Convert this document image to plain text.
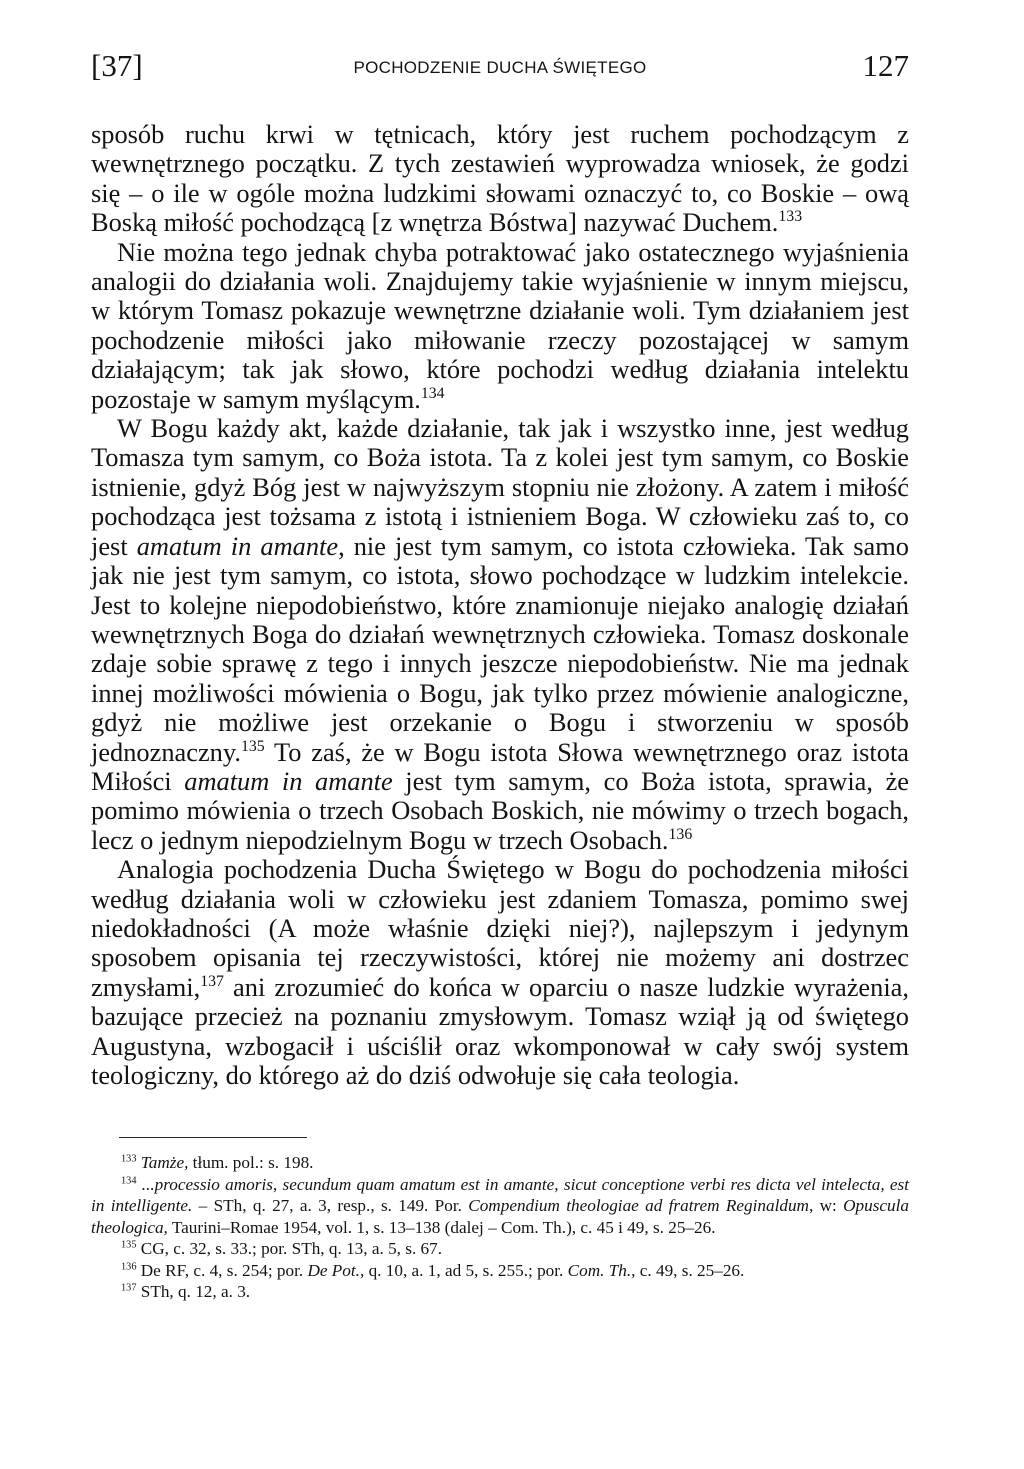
[37]	POCHODZENIE DUCHA ŚWIĘTEGO	127

sposób ruchu krwi w tętnicach, który jest ruchem pochodzącym z wewnętrznego początku. Z tych zestawień wyprowadza wniosek, że godzi się – o ile w ogóle można ludzkimi słowami oznaczyć to, co Boskie – ową Boską miłość pochodzącą [z wnętrza Bóstwa] nazywać Duchem.$^{133}$

Nie można tego jednak chyba potraktować jako ostatecznego wyjaśnienia analogii do działania woli. Znajdujemy takie wyjaśnienie w innym miejscu, w którym Tomasz pokazuje wewnętrzne działanie woli. Tym działaniem jest pochodzenie miłości jako miłowanie rzeczy pozostającej w samym działającym; tak jak słowo, które pochodzi według działania intelektu pozostaje w samym myślącym.$^{134}$

W Bogu każdy akt, każde działanie, tak jak i wszystko inne, jest według Tomasza tym samym, co Boża istota. Ta z kolei jest tym samym, co Boskie istnienie, gdyż Bóg jest w najwyższym stopniu nie złożony. A zatem i miłość pochodząca jest tożsama z istotą i istnieniem Boga. W człowieku zaś to, co jest amatum in amante, nie jest tym samym, co istota człowieka. Tak samo jak nie jest tym samym, co istota, słowo pochodzące w ludzkim intelekcie. Jest to kolejne niepodobieństwo, które znamionuje niejako analogię działań wewnętrznych Boga do działań wewnętrznych człowieka. Tomasz doskonale zdaje sobie sprawę z tego i innych jeszcze niepodobieństw. Nie ma jednak innej możliwości mówienia o Bogu, jak tylko przez mówienie analogiczne, gdyż nie możliwe jest orzekanie o Bogu i stworzeniu w sposób jednoznaczny.$^{135}$ To zaś, że w Bogu istota Słowa wewnętrznego oraz istota Miłości amatum in amante jest tym samym, co Boża istota, sprawia, że pomimo mówienia o trzech Osobach Boskich, nie mówimy o trzech bogach, lecz o jednym niepodzielnym Bogu w trzech Osobach.$^{136}$

Analogia pochodzenia Ducha Świętego w Bogu do pochodzenia miłości według działania woli w człowieku jest zdaniem Tomasza, pomimo swej niedokładności (A może właśnie dzięki niej?), najlepszym i jedynym sposobem opisania tej rzeczywistości, której nie możemy ani dostrzec zmysłami,$^{137}$ ani zrozumieć do końca w oparciu o nasze ludzkie wyrażenia, bazujące przecież na poznaniu zmysłowym. Tomasz wziął ją od świętego Augustyna, wzbogacił i uściślił oraz wkomponował w cały swój system teologiczny, do którego aż do dziś odwołuje się cała teologia.

$^{133}$ Tamże, tłum. pol.: s. 198.

$^{134}$ ...processio amoris, secundum quam amatum est in amante, sicut conceptione verbi res dicta vel intelecta, est in intelligente. – STh, q. 27, a. 3, resp., s. 149. Por. Compendium theologiae ad fratrem Reginaldum, w: Opuscula theologica, Taurini–Romae 1954, vol. 1, s. 13–138 (dalej – Com. Th.), c. 45 i 49, s. 25–26.

$^{135}$ CG, c. 32, s. 33.; por. STh, q. 13, a. 5, s. 67.

$^{136}$ De RF, c. 4, s. 254; por. De Pot., q. 10, a. 1, ad 5, s. 255.; por. Com. Th., c. 49, s. 25–26.

$^{137}$ STh, q. 12, a. 3.
